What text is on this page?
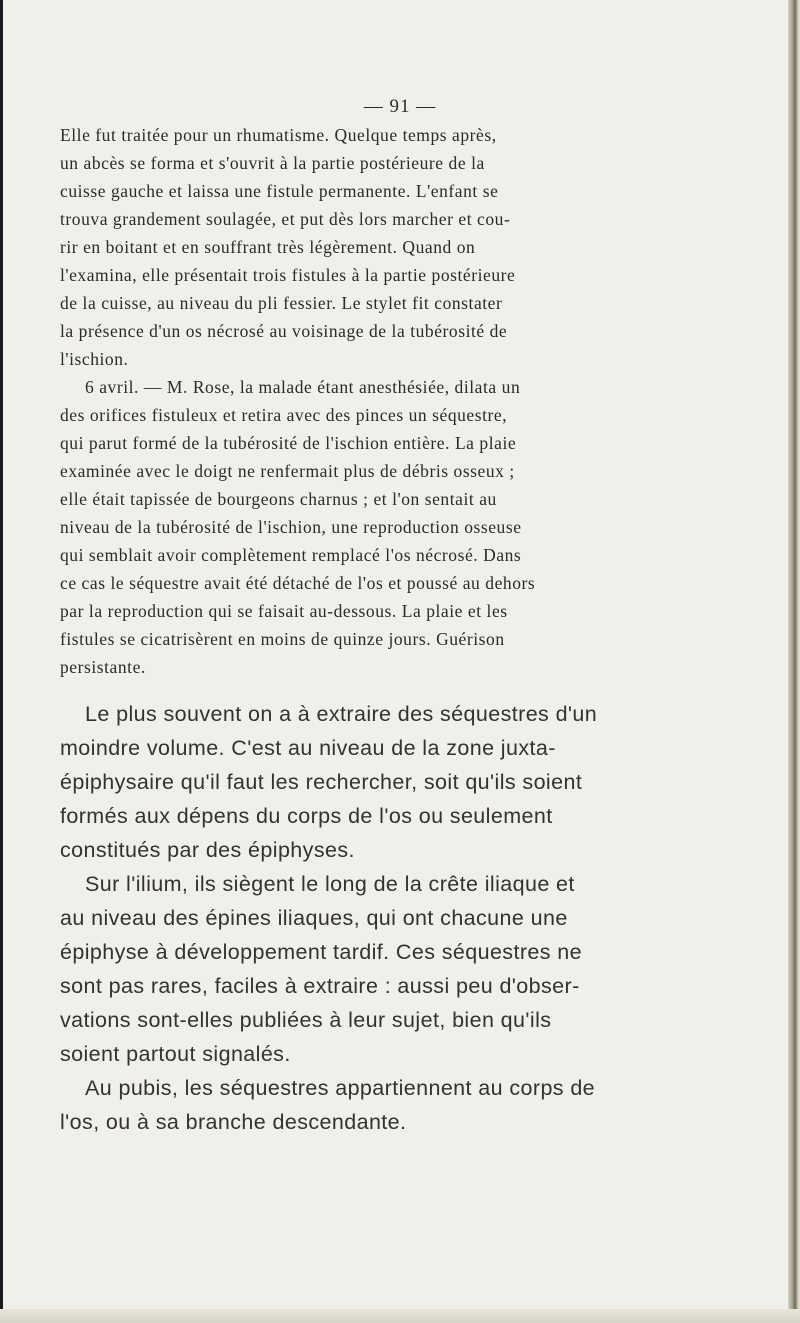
— 91 —
Elle fut traitée pour un rhumatisme. Quelque temps après,
un abcès se forma et s'ouvrit à la partie postérieure de la
cuisse gauche et laissa une fistule permanente. L'enfant se
trouva grandement soulagée, et put dès lors marcher et cou-
rir en boitant et en souffrant très légèrement. Quand on
l'examina, elle présentait trois fistules à la partie postérieure
de la cuisse, au niveau du pli fessier. Le stylet fit constater
la présence d'un os nécrosé au voisinage de la tubérosité de
l'ischion.
6 avril. — M. Rose, la malade étant anesthésiée, dilata un
des orifices fistuleux et retira avec des pinces un séquestre,
qui parut formé de la tubérosité de l'ischion entière. La plaie
examinée avec le doigt ne renfermait plus de débris osseux ;
elle était tapissée de bourgeons charnus ; et l'on sentait au
niveau de la tubérosité de l'ischion, une reproduction osseuse
qui semblait avoir complètement remplacé l'os nécrosé. Dans
ce cas le séquestre avait été détaché de l'os et poussé au dehors
par la reproduction qui se faisait au-dessous. La plaie et les
fistules se cicatrisèrent en moins de quinze jours. Guérison
persistante.
Le plus souvent on a à extraire des séquestres d'un
moindre volume. C'est au niveau de la zone juxta-
épiphysaire qu'il faut les rechercher, soit qu'ils soient
formés aux dépens du corps de l'os ou seulement
constitués par des épiphyses.
Sur l'ilium, ils siègent le long de la crête iliaque et
au niveau des épines iliaques, qui ont chacune une
épiphyse à développement tardif. Ces séquestres ne
sont pas rares, faciles à extraire : aussi peu d'obser-
vations sont-elles publiées à leur sujet, bien qu'ils
soient partout signalés.
Au pubis, les séquestres appartiennent au corps de
l'os, ou à sa branche descendante.
